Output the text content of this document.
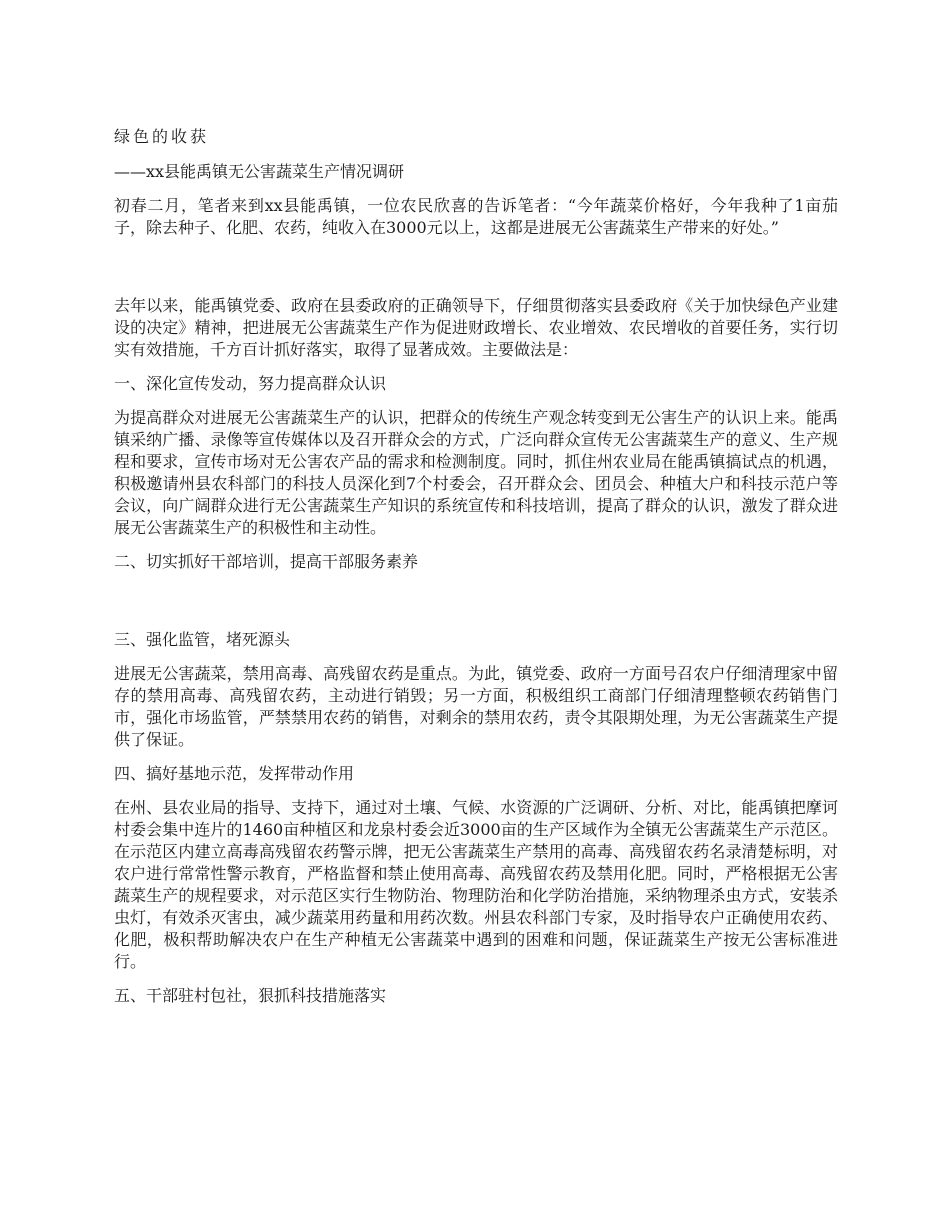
绿色的收获
——xx县能禹镇无公害蔬菜生产情况调研
初春二月，笔者来到xx县能禹镇，一位农民欣喜的告诉笔者：“今年蔬菜价格好，今年我种了1亩茄子，除去种子、化肥、农药，纯收入在3000元以上，这都是进展无公害蔬菜生产带来的好处。”
去年以来，能禹镇党委、政府在县委政府的正确领导下，仔细贯彻落实县委政府《关于加快绿色产业建设的决定》精神，把进展无公害蔬菜生产作为促进财政增长、农业增效、农民增收的首要任务，实行切实有效措施，千方百计抓好落实，取得了显著成效。主要做法是：
一、深化宣传发动，努力提高群众认识
为提高群众对进展无公害蔬菜生产的认识，把群众的传统生产观念转变到无公害生产的认识上来。能禹镇采纳广播、录像等宣传媒体以及召开群众会的方式，广泛向群众宣传无公害蔬菜生产的意义、生产规程和要求，宣传市场对无公害农产品的需求和检测制度。同时，抓住州农业局在能禹镇搞试点的机遇，积极邀请州县农科部门的科技人员深化到7个村委会，召开群众会、团员会、种植大户和科技示范户等会议，向广阔群众进行无公害蔬菜生产知识的系统宣传和科技培训，提高了群众的认识，激发了群众进展无公害蔬菜生产的积极性和主动性。
二、切实抓好干部培训，提高干部服务素养
三、强化监管，堵死源头
进展无公害蔬菜，禁用高毒、高残留农药是重点。为此，镇党委、政府一方面号召农户仔细清理家中留存的禁用高毒、高残留农药，主动进行销毁；另一方面，积极组织工商部门仔细清理整顿农药销售门市，强化市场监管，严禁禁用农药的销售，对剩余的禁用农药，责令其限期处理，为无公害蔬菜生产提供了保证。
四、搞好基地示范，发挥带动作用
在州、县农业局的指导、支持下，通过对土壤、气候、水资源的广泛调研、分析、对比，能禹镇把摩诃村委会集中连片的1460亩种植区和龙泉村委会近3000亩的生产区域作为全镇无公害蔬菜生产示范区。在示范区内建立高毒高残留农药警示牌，把无公害蔬菜生产禁用的高毒、高残留农药名录清楚标明，对农户进行常常性警示教育，严格监督和禁止使用高毒、高残留农药及禁用化肥。同时，严格根据无公害蔬菜生产的规程要求，对示范区实行生物防治、物理防治和化学防治措施，采纳物理杀虫方式，安装杀虫灯，有效杀灭害虫，减少蔬菜用药量和用药次数。州县农科部门专家，及时指导农户正确使用农药、化肥，极积帮助解决农户在生产种植无公害蔬菜中遇到的困难和问题，保证蔬菜生产按无公害标准进行。
五、干部驻村包社，狠抓科技措施落实
